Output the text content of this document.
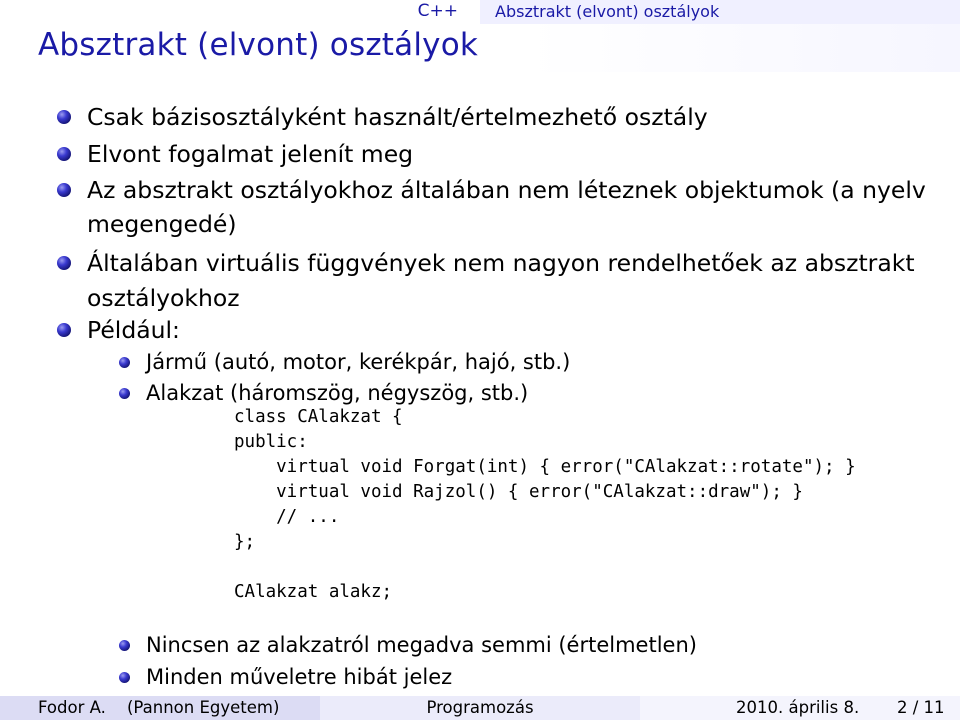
C++ Absztrakt (elvont) osztályok
Absztrakt (elvont) osztályok
Csak bázisosztályként használt/értelmezhető osztály
Elvont fogalmat jelenít meg
Az absztrakt osztályokhoz általában nem léteznek objektumok (a nyelv
megengedé)
Általában virtuális függvények nem nagyon rendelhetőek az absztrakt
osztályokhoz
Például:
Jármű (autó, motor, kerékpár, hajó, stb.)
Alakzat (háromszög, négyszög, stb.)
class CAlakzat {
public:
virtual void Forgat(int) { error("CAlakzat::rotate"); }
virtual void Rajzol() { error("CAlakzat::draw"); }
// ...
};
CAlakzat alakz;
Nincsen az alakzatról megadva semmi (értelmetlen)
Minden műveletre hibát jelez
Fodor A. (Pannon Egyetem)	Programozás	2010. április 8. 2 / 11
